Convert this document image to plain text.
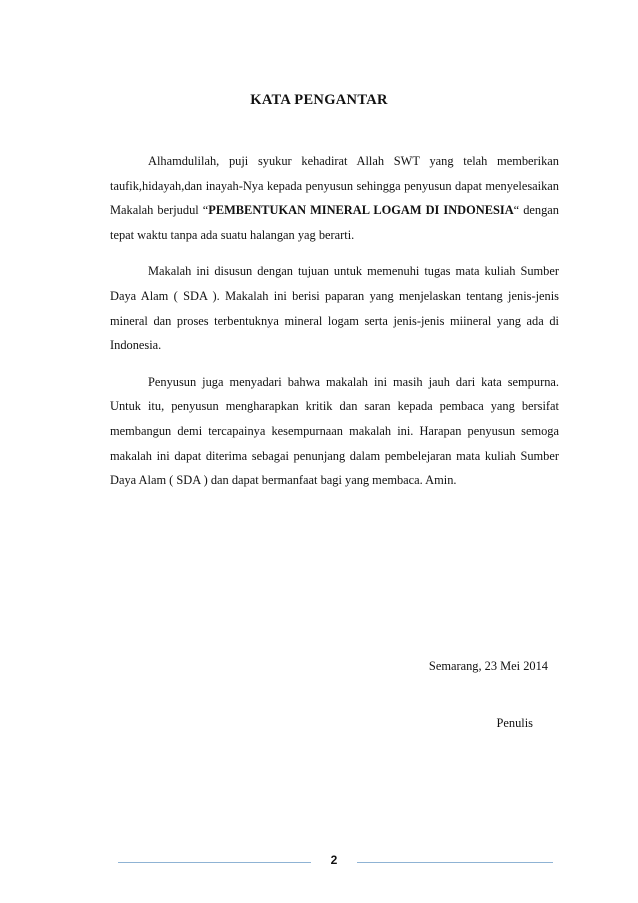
KATA PENGANTAR

Alhamdulilah, puji syukur kehadirat Allah SWT yang telah memberikan taufik,hidayah,dan inayah-Nya kepada penyusun sehingga penyusun dapat menyelesaikan Makalah berjudul “PEMBENTUKAN MINERAL LOGAM DI INDONESIA“ dengan tepat waktu tanpa ada suatu halangan yag berarti.

Makalah ini disusun dengan tujuan untuk memenuhi tugas mata kuliah Sumber Daya Alam ( SDA ). Makalah ini berisi paparan yang menjelaskan tentang jenis-jenis mineral dan proses terbentuknya mineral logam serta jenis-jenis miineral yang ada di Indonesia.

Penyusun juga menyadari bahwa makalah ini masih jauh dari kata sempurna. Untuk itu, penyusun mengharapkan kritik dan saran kepada pembaca yang bersifat membangun demi tercapainya kesempurnaan makalah ini. Harapan penyusun semoga makalah ini dapat diterima sebagai penunjang dalam pembelejaran mata kuliah Sumber Daya Alam ( SDA ) dan dapat bermanfaat bagi yang membaca. Amin.

Semarang, 23 Mei 2014
Penulis
2
